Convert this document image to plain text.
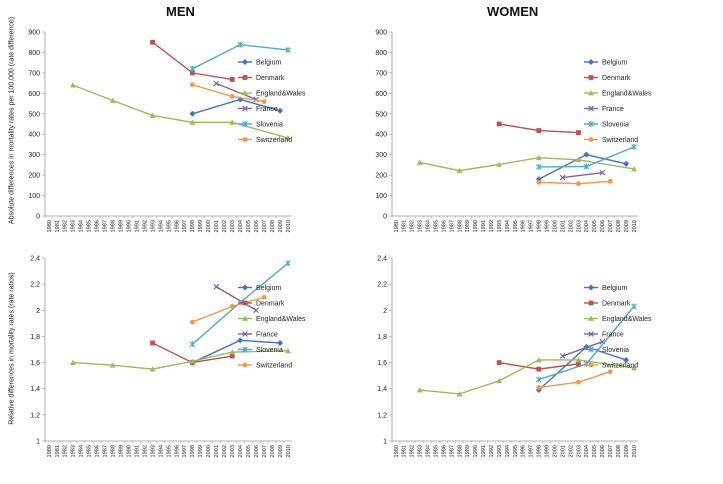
MEN	WOMEN
Absolute differences in mortality rates per 100,000 (rate difference)
Relative differences in mortality rates (rate ratios)
0
100
200
300
400
500
600
700
800
900
1980 1981 1982 1983 1984 1985 1986 1987 1988 1989 1990 1991 1992 1993 1994 1995 1996 1997 1998 1999 2000 2001 2002 2003 2004 2005 2006 2007 2008 2009 2010
Belgium
Denmark
England&Wales
France
Slovenia
Switzerland
0
100
200
300
400
500
600
700
800
900
1980 1981 1982 1983 1984 1985 1986 1987 1988 1989 1990 1991 1992 1993 1994 1995 1996 1997 1998 1999 2000 2001 2002 2003 2004 2005 2006 2007 2008 2009 2010
Belgium
Denmark
England&Wales
France
Slovenia
Switzerland
1
1,2
1,4
1,6
1,8
2
2,2
2,4
1980 1981 1982 1983 1984 1985 1986 1987 1988 1989 1990 1991 1992 1993 1994 1995 1996 1997 1998 1999 2000 2001 2002 2003 2004 2005 2006 2007 2008 2009 2010
Belgium
Denmark
England&Wales
France
Slovenia
Switzerland
1
1,2
1,4
1,6
1,8
2
2,2
2,4
1980 1981 1982 1983 1984 1985 1986 1987 1988 1989 1990 1991 1992 1993 1994 1995 1996 1997 1998 1999 2000 2001 2002 2003 2004 2005 2006 2007 2008 2009 2010
Belgium
Denmark
England&Wales
France
Slovenia
Switzerland
